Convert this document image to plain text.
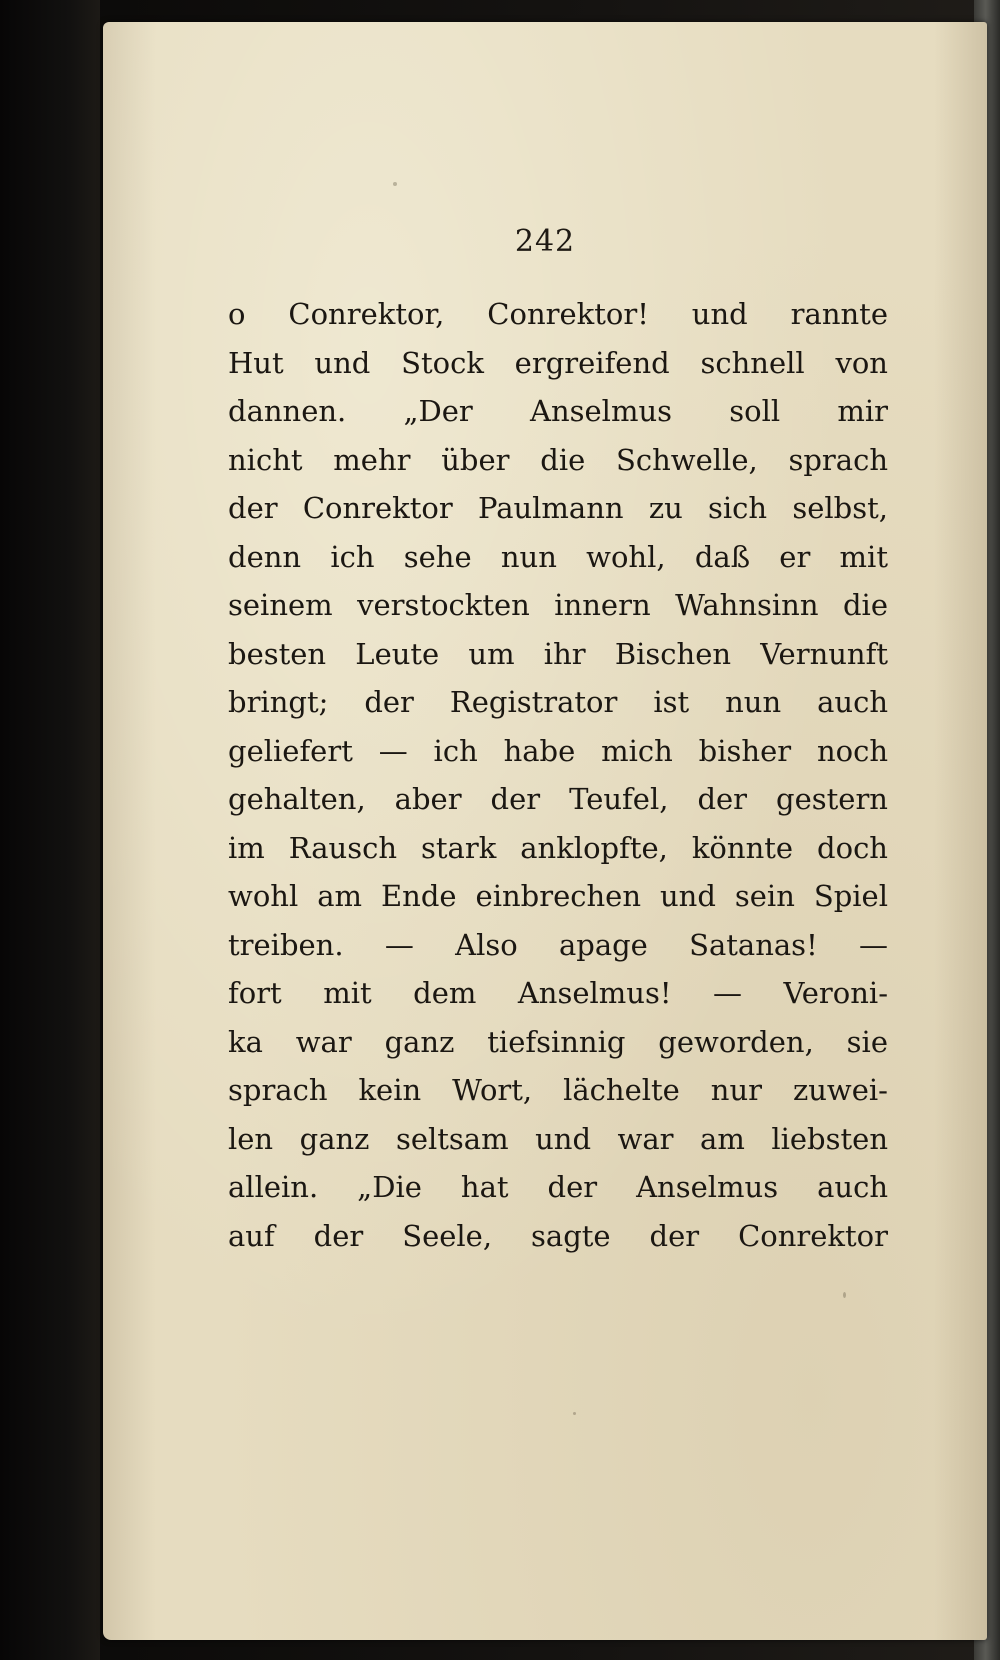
242
o Conrektor, Conrektor! und rannte
Hut und Stock ergreifend schnell von
dannen. „Der Anselmus soll mir
nicht mehr über die Schwelle, sprach
der Conrektor Paulmann zu sich selbst,
denn ich sehe nun wohl, daß er mit
seinem verstockten innern Wahnsinn die
besten Leute um ihr Bischen Vernunft
bringt; der Registrator ist nun auch
geliefert — ich habe mich bisher noch
gehalten, aber der Teufel, der gestern
im Rausch stark anklopfte, könnte doch
wohl am Ende einbrechen und sein Spiel
treiben. — Also apage Satanas! —
fort mit dem Anselmus! — Veroni-
ka war ganz tiefsinnig geworden, sie
sprach kein Wort, lächelte nur zuwei-
len ganz seltsam und war am liebsten
allein. „Die hat der Anselmus auch
auf der Seele, sagte der Conrektor
